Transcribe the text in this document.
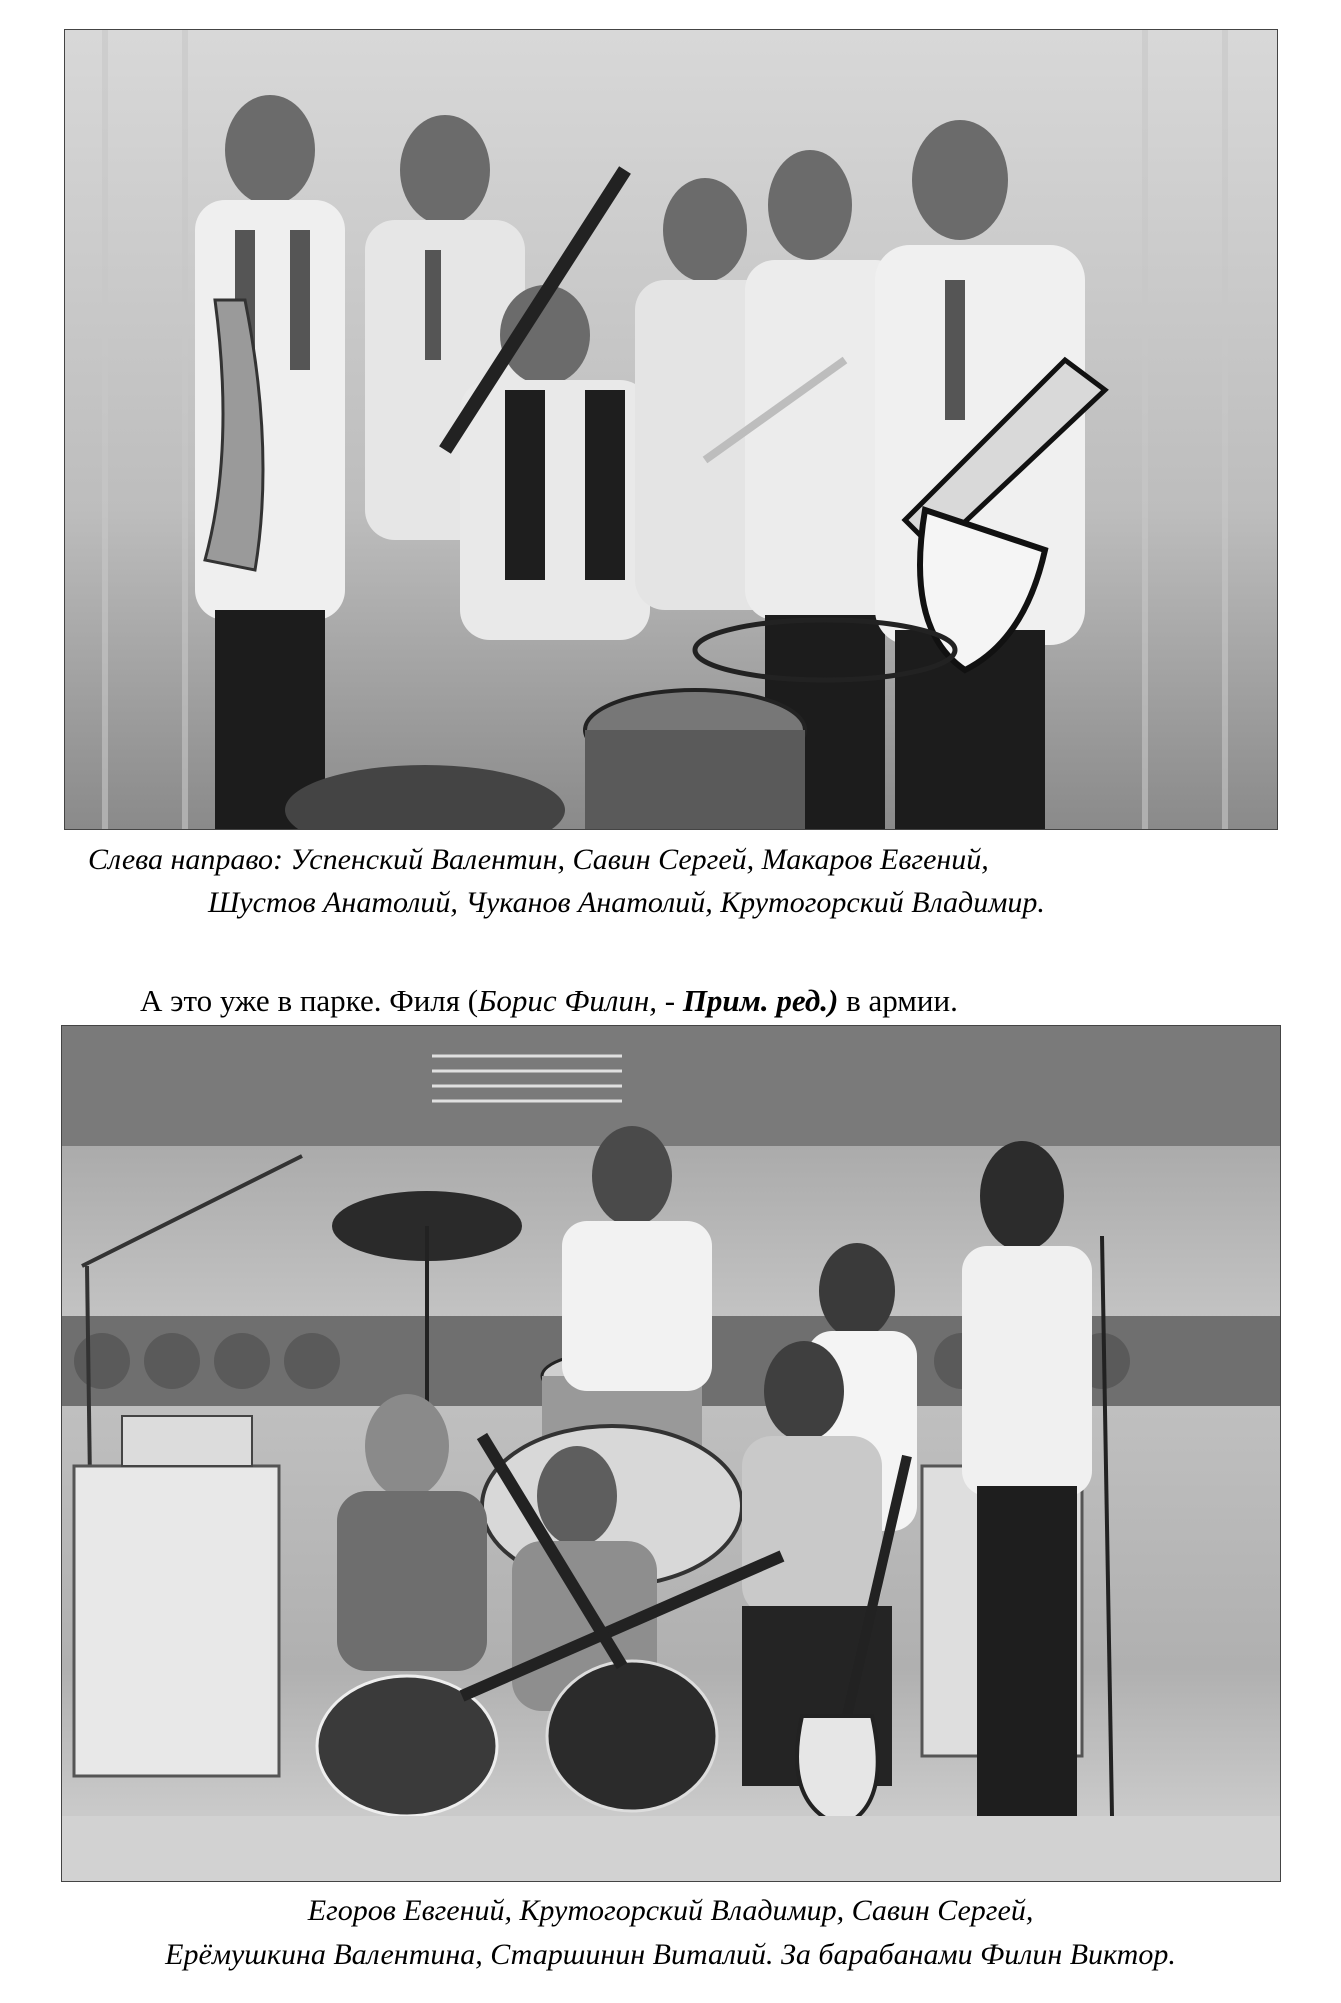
Слева направо: Успенский Валентин, Савин Сергей, Макаров Евгений,
Шустов Анатолий, Чуканов Анатолий, Крутогорский Владимир.
А это уже в парке. Филя (Борис Филин, - Прим. ред.) в армии.
Егоров Евгений, Крутогорский Владимир, Савин Сергей,
Ерёмушкина Валентина, Старшинин Виталий. За барабанами Филин Виктор.
